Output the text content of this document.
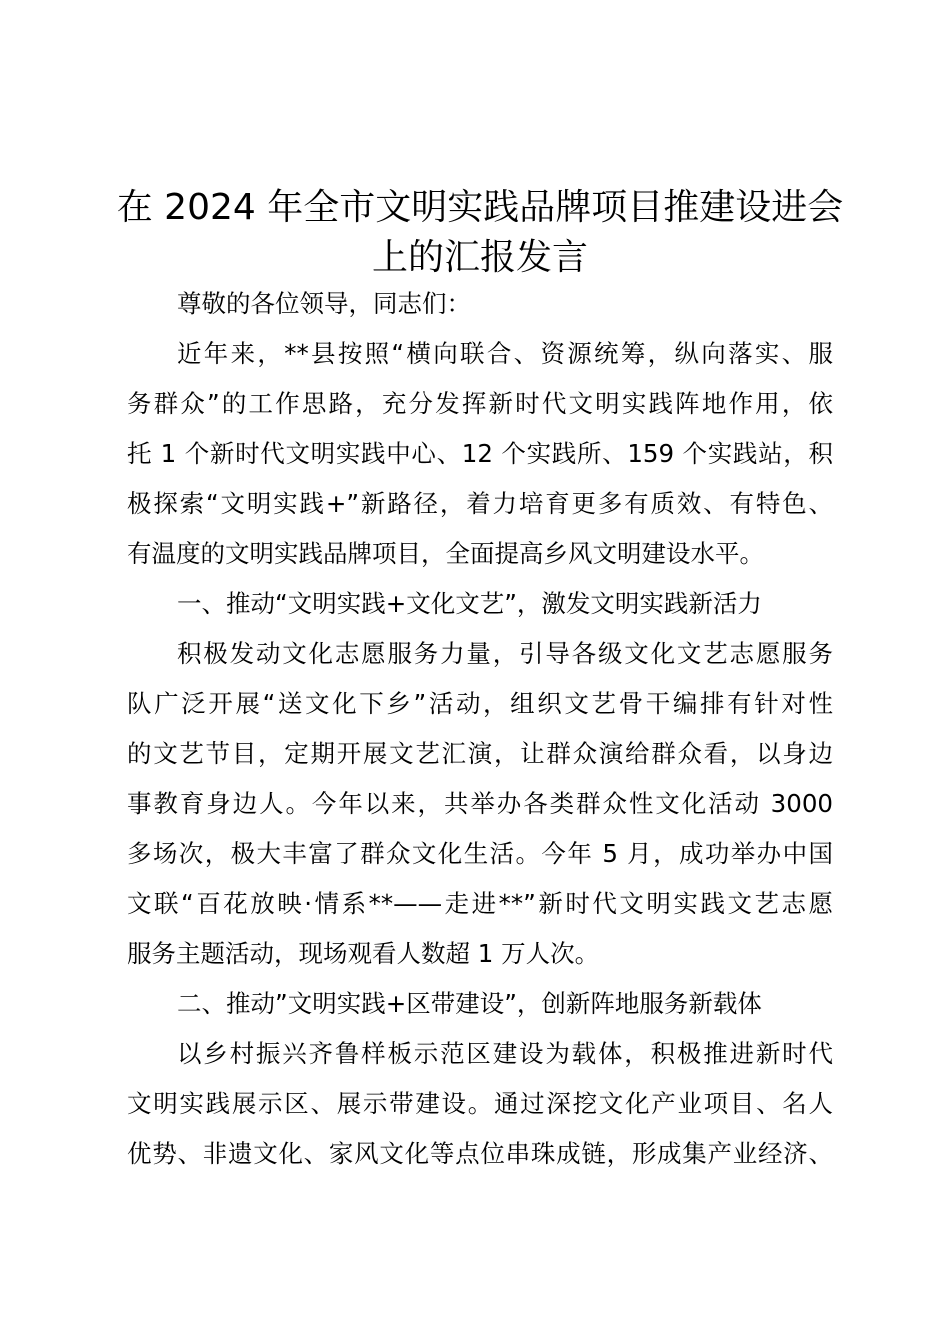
在 2024 年全市文明实践品牌项目推建设进会
上的汇报发言

尊敬的各位领导，同志们：

近年来，**县按照“横向联合、资源统筹，纵向落实、服

务群众”的工作思路，充分发挥新时代文明实践阵地作用，依

托 1 个新时代文明实践中心、12 个实践所、159 个实践站，积

极探索“文明实践+”新路径，着力培育更多有质效、有特色、

有温度的文明实践品牌项目，全面提高乡风文明建设水平。

一、推动“文明实践+文化文艺”，激发文明实践新活力

积极发动文化志愿服务力量，引导各级文化文艺志愿服务

队广泛开展“送文化下乡”活动，组织文艺骨干编排有针对性

的文艺节目，定期开展文艺汇演，让群众演给群众看，以身边

事教育身边人。今年以来，共举办各类群众性文化活动 3000

多场次，极大丰富了群众文化生活。今年 5 月，成功举办中国

文联“百花放映·情系**——走进**”新时代文明实践文艺志愿

服务主题活动，现场观看人数超 1 万人次。

二、推动”文明实践+区带建设”，创新阵地服务新载体

以乡村振兴齐鲁样板示范区建设为载体，积极推进新时代

文明实践展示区、展示带建设。通过深挖文化产业项目、名人

优势、非遗文化、家风文化等点位串珠成链，形成集产业经济、
